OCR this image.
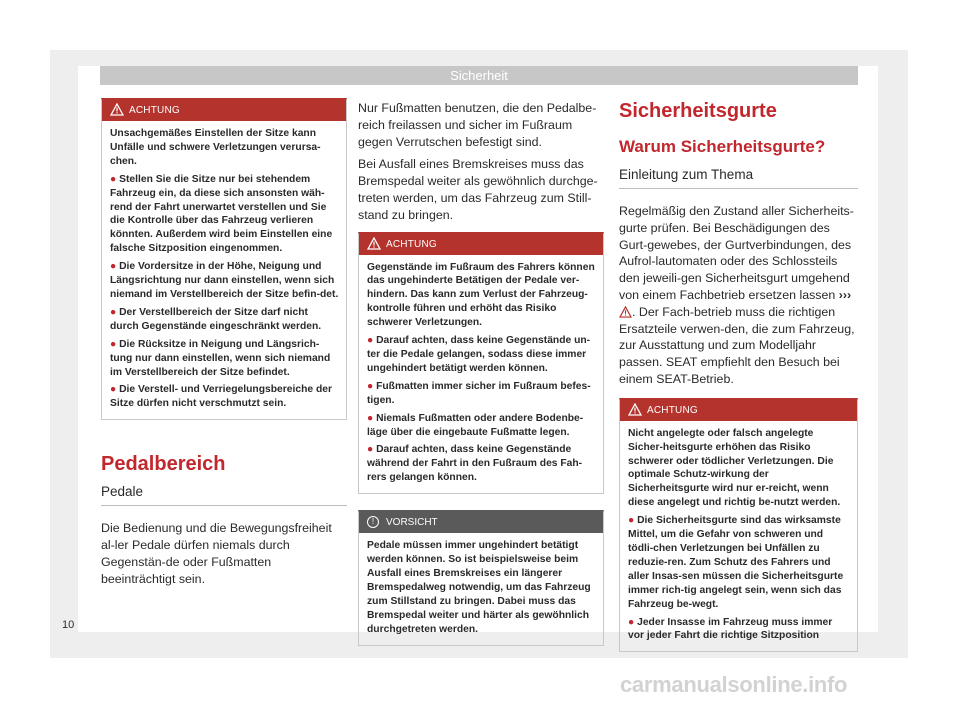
Sicherheit
ACHTUNG

Unsachgemäßes Einstellen der Sitze kann Unfälle und schwere Verletzungen verursa-chen.

● Stellen Sie die Sitze nur bei stehendem Fahrzeug ein, da diese sich ansonsten wäh-rend der Fahrt unerwartet verstellen und Sie die Kontrolle über das Fahrzeug verlieren könnten. Außerdem wird beim Einstellen eine falsche Sitzposition eingenommen.

● Die Vordersitze in der Höhe, Neigung und Längsrichtung nur dann einstellen, wenn sich niemand im Verstellbereich der Sitze befin-det.

● Der Verstellbereich der Sitze darf nicht durch Gegenstände eingeschränkt werden.

● Die Rücksitze in Neigung und Längsrich-tung nur dann einstellen, wenn sich niemand im Verstellbereich der Sitze befindet.

● Die Verstell- und Verriegelungsbereiche der Sitze dürfen nicht verschmutzt sein.

Pedalbereich
Pedale

Die Bedienung und die Bewegungsfreiheit al-ler Pedale dürfen niemals durch Gegenstän-de oder Fußmatten beeinträchtigt sein.

Nur Fußmatten benutzen, die den Pedalbe-reich freilassen und sicher im Fußraum gegen Verrutschen befestigt sind.

Bei Ausfall eines Bremskreises muss das Bremspedal weiter als gewöhnlich durchge-treten werden, um das Fahrzeug zum Still-stand zu bringen.

ACHTUNG

Gegenstände im Fußraum des Fahrers können das ungehinderte Betätigen der Pedale ver-hindern. Das kann zum Verlust der Fahrzeug-kontrolle führen und erhöht das Risiko schwerer Verletzungen.

● Darauf achten, dass keine Gegenstände un-ter die Pedale gelangen, sodass diese immer ungehindert betätigt werden können.

● Fußmatten immer sicher im Fußraum befes-tigen.

● Niemals Fußmatten oder andere Bodenbe-läge über die eingebaute Fußmatte legen.

● Darauf achten, dass keine Gegenstände während der Fahrt in den Fußraum des Fah-rers gelangen können.

!	VORSICHT

Pedale müssen immer ungehindert betätigt werden können. So ist beispielsweise beim Ausfall eines Bremskreises ein längerer Bremspedalweg notwendig, um das Fahrzeug zum Stillstand zu bringen. Dabei muss das Bremspedal weiter und härter als gewöhnlich durchgetreten werden.

Sicherheitsgurte
Warum Sicherheitsgurte?
Einleitung zum Thema

Regelmäßig den Zustand aller Sicherheits-gurte prüfen. Bei Beschädigungen des Gurt-gewebes, der Gurtverbindungen, des Aufrol-lautomaten oder des Schlossteils den jeweili-gen Sicherheitsgurt umgehend von einem Fachbetrieb ersetzen lassen ››› . Der Fach-betrieb muss die richtigen Ersatzteile verwen-den, die zum Fahrzeug, zur Ausstattung und zum Modelljahr passen. SEAT empfiehlt den Besuch bei einem SEAT-Betrieb.

ACHTUNG

Nicht angelegte oder falsch angelegte Sicher-heitsgurte erhöhen das Risiko schwerer oder tödlicher Verletzungen. Die optimale Schutz-wirkung der Sicherheitsgurte wird nur er-reicht, wenn diese angelegt und richtig be-nutzt werden.

● Die Sicherheitsgurte sind das wirksamste Mittel, um die Gefahr von schweren und tödli-chen Verletzungen bei Unfällen zu reduzie-ren. Zum Schutz des Fahrers und aller Insas-sen müssen die Sicherheitsgurte immer rich-tig angelegt sein, wenn sich das Fahrzeug be-wegt.

● Jeder Insasse im Fahrzeug muss immer vor jeder Fahrt die richtige Sitzposition

10
carmanualsonline.info
